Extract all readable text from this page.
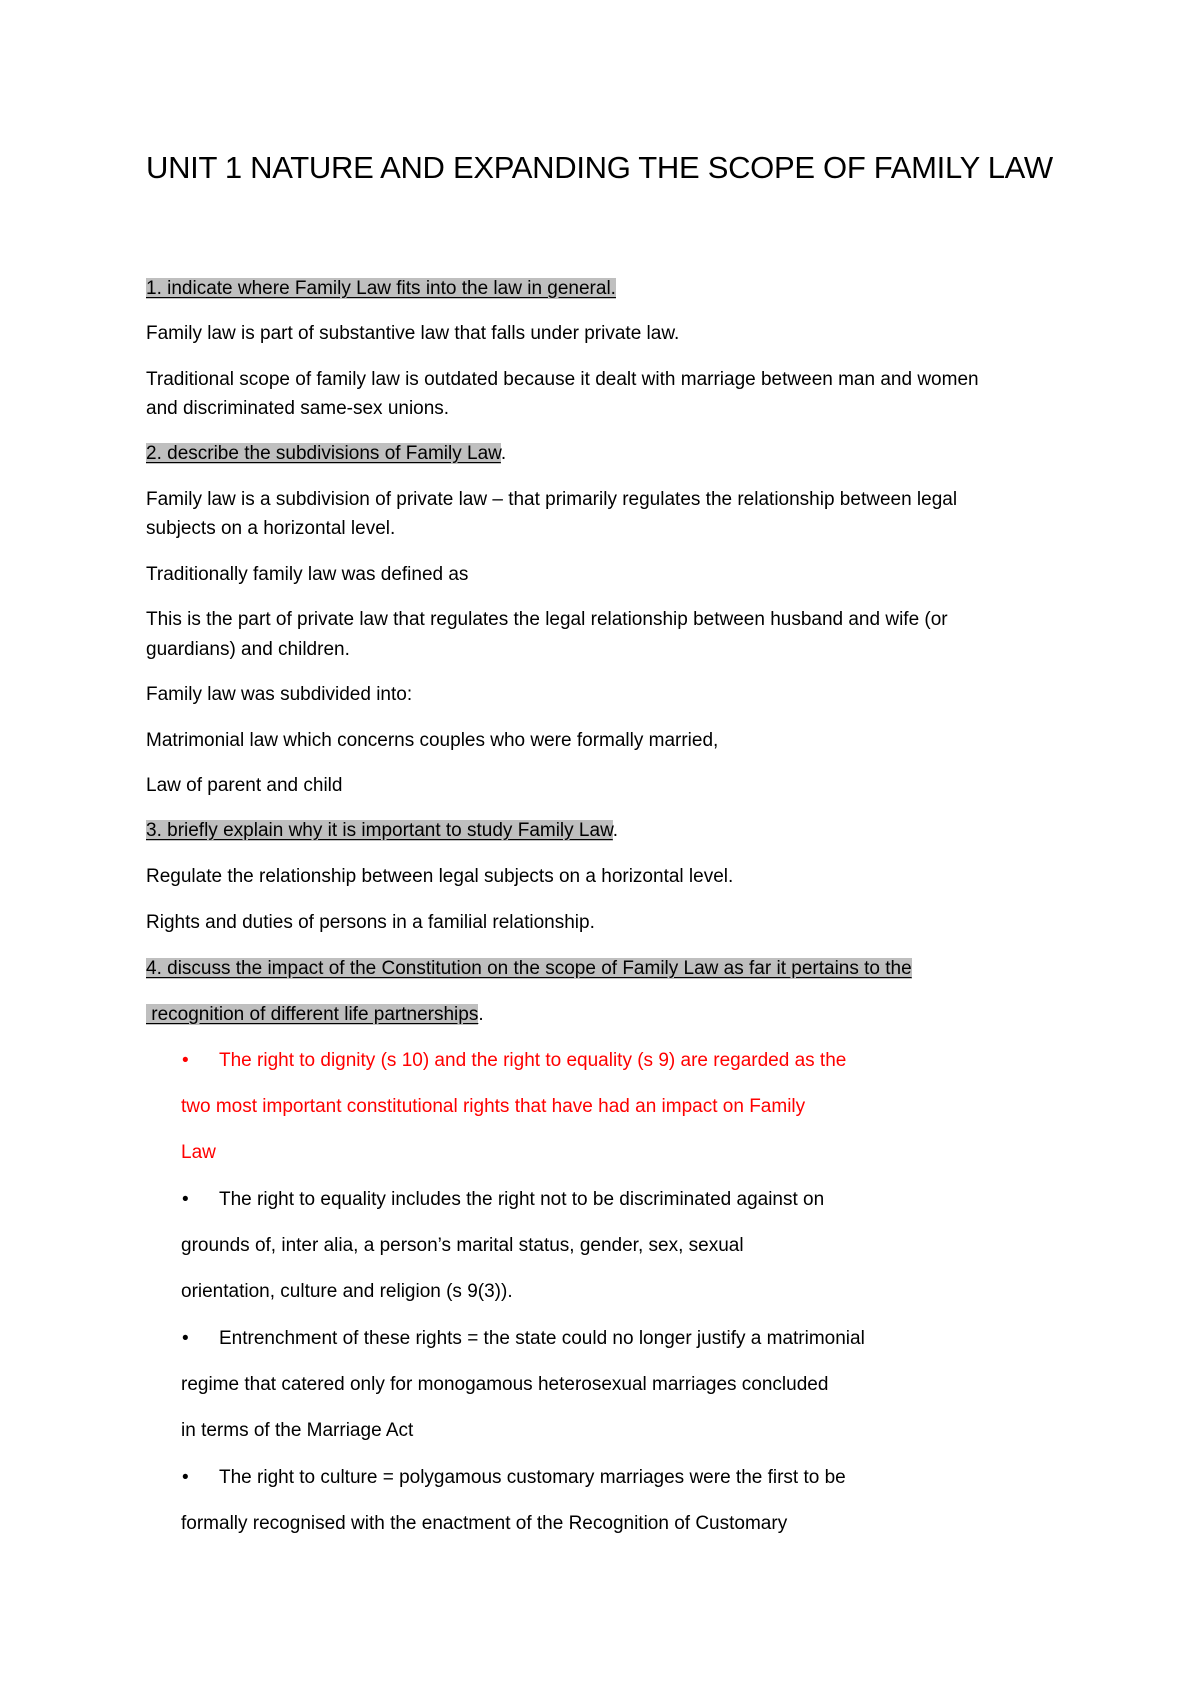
UNIT 1 NATURE AND EXPANDING THE SCOPE OF FAMILY LAW
1. indicate where Family Law fits into the law in general.
Family law is part of substantive law that falls under private law.
Traditional scope of family law is outdated because it dealt with marriage between man and women
and discriminated same-sex unions.
2. describe the subdivisions of Family Law.
Family law is a subdivision of private law – that primarily regulates the relationship between legal
subjects on a horizontal level.
Traditionally family law was defined as
This is the part of private law that regulates the legal relationship between husband and wife (or
guardians) and children.
Family law was subdivided into:
Matrimonial law which concerns couples who were formally married,
Law of parent and child
3. briefly explain why it is important to study Family Law.
Regulate the relationship between legal subjects on a horizontal level.
Rights and duties of persons in a familial relationship.
4. discuss the impact of the Constitution on the scope of Family Law as far it pertains to the
recognition of different life partnerships.
• The right to dignity (s 10) and the right to equality (s 9) are regarded as the
two most important constitutional rights that have had an impact on Family
Law
• The right to equality includes the right not to be discriminated against on
grounds of, inter alia, a person’s marital status, gender, sex, sexual
orientation, culture and religion (s 9(3)).
• Entrenchment of these rights = the state could no longer justify a matrimonial
regime that catered only for monogamous heterosexual marriages concluded
in terms of the Marriage Act
• The right to culture = polygamous customary marriages were the first to be
formally recognised with the enactment of the Recognition of Customary
